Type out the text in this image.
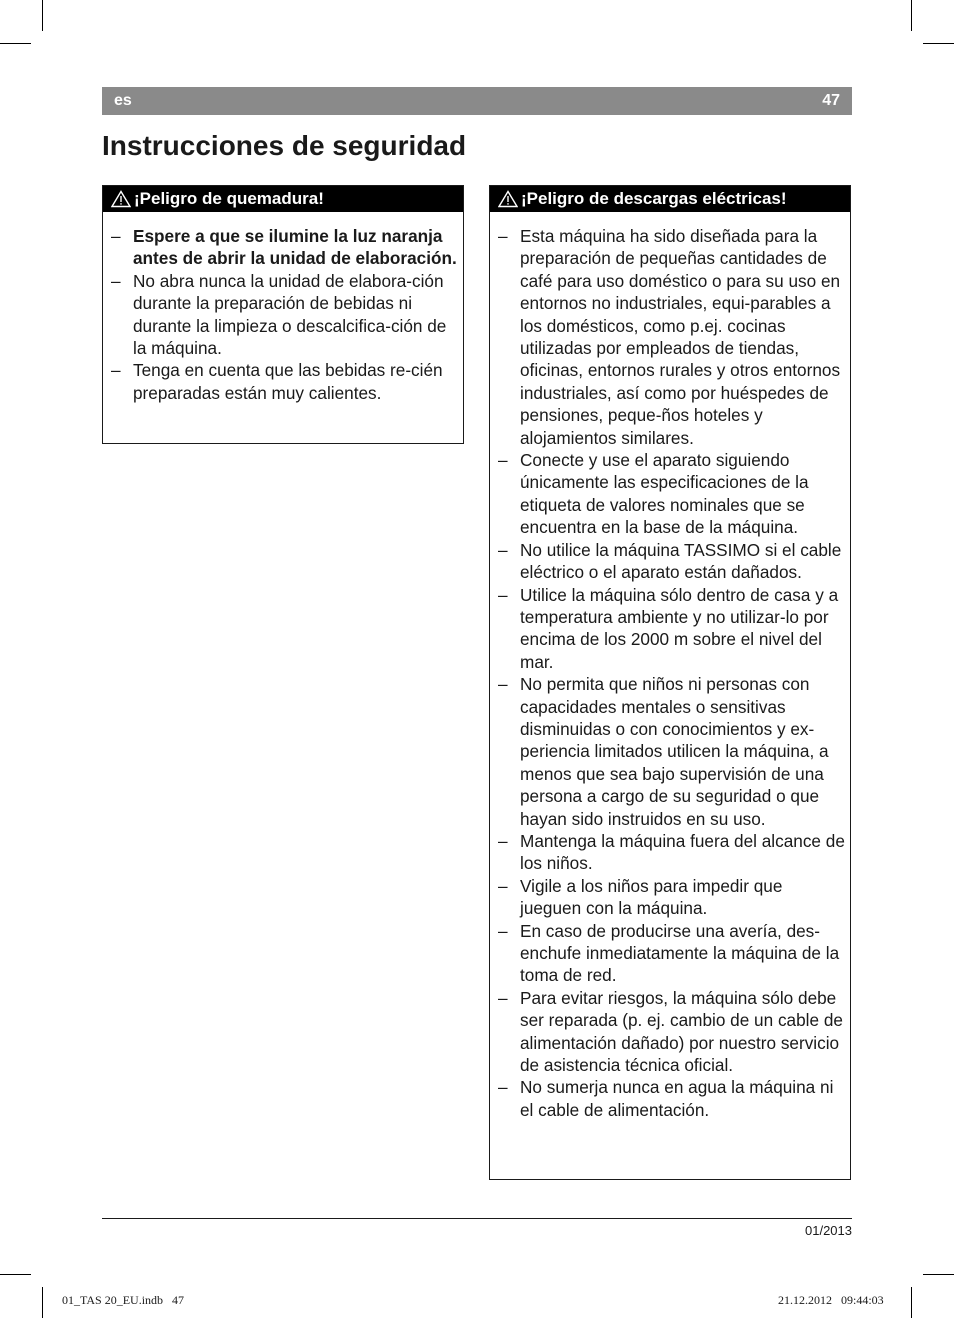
es	47
Instrucciones de seguridad
¡Peligro de quemadura!
– Espere a que se ilumine la luz naranja antes de abrir la unidad de elaboración.
– No abra nunca la unidad de elabora-ción durante la preparación de bebidas ni durante la limpieza o descalcifica-ción de la máquina.
– Tenga en cuenta que las bebidas re-cién preparadas están muy calientes.
¡Peligro de descargas eléctricas!
– Esta máquina ha sido diseñada para la preparación de pequeñas cantidades de café para uso doméstico o para su uso en entornos no industriales, equi-parables a los domésticos, como p.ej. cocinas utilizadas por empleados de tiendas, oficinas, entornos rurales y otros entornos industriales, así como por huéspedes de pensiones, peque-ños hoteles y alojamientos similares.
– Conecte y use el aparato siguiendo únicamente las especificaciones de la etiqueta de valores nominales que se encuentra en la base de la máquina.
– No utilice la máquina TASSIMO si el cable eléctrico o el aparato están dañados.
– Utilice la máquina sólo dentro de casa y a temperatura ambiente y no utilizar-lo por encima de los 2000 m sobre el nivel del mar.
– No permita que niños ni personas con capacidades mentales o sensitivas disminuidas o con conocimientos y ex-periencia limitados utilicen la máquina, a menos que sea bajo supervisión de una persona a cargo de su seguridad o que hayan sido instruidos en su uso.
– Mantenga la máquina fuera del alcance de los niños.
– Vigile a los niños para impedir que jueguen con la máquina.
– En caso de producirse una avería, des-enchufe inmediatamente la máquina de la toma de red.
– Para evitar riesgos, la máquina sólo debe ser reparada (p. ej. cambio de un cable de alimentación dañado) por nuestro servicio de asistencia técnica oficial.
– No sumerja nunca en agua la máquina ni el cable de alimentación.
01/2013
01_TAS 20_EU.indb   47	21.12.2012   09:44:03
